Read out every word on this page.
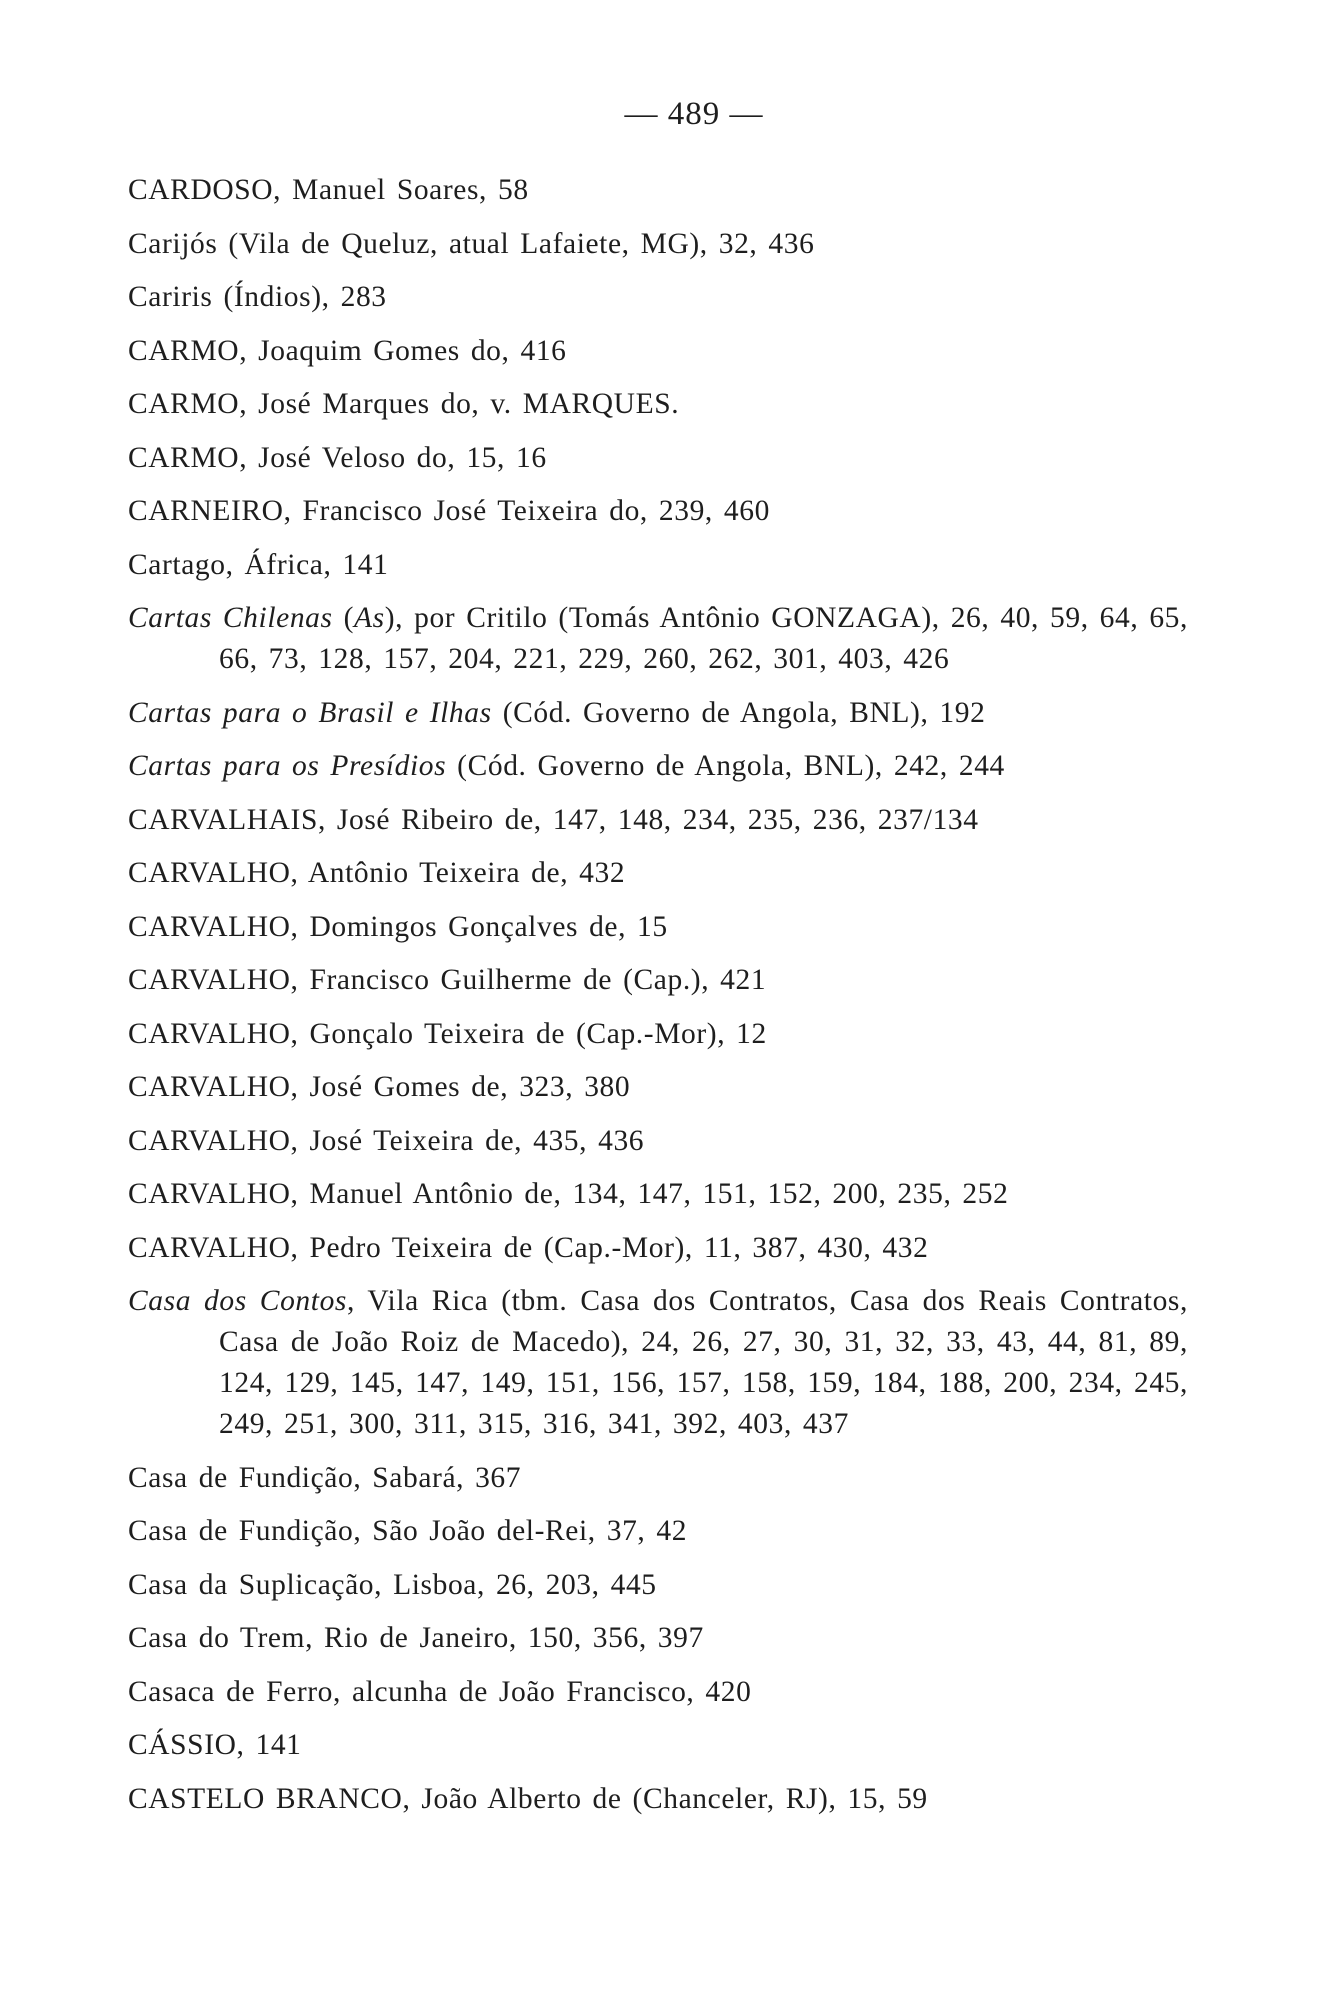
— 489 —

CARDOSO, Manuel Soares, 58

Carijós (Vila de Queluz, atual Lafaiete, MG), 32, 436

Cariris (Índios), 283

CARMO, Joaquim Gomes do, 416

CARMO, José Marques do, v. MARQUES.

CARMO, José Veloso do, 15, 16

CARNEIRO, Francisco José Teixeira do, 239, 460

Cartago, África, 141

Cartas Chilenas (As), por Critilo (Tomás Antônio GONZAGA), 26, 40, 59, 64, 65, 66, 73, 128, 157, 204, 221, 229, 260, 262, 301, 403, 426

Cartas para o Brasil e Ilhas (Cód. Governo de Angola, BNL), 192

Cartas para os Presídios (Cód. Governo de Angola, BNL), 242, 244

CARVALHAIS, José Ribeiro de, 147, 148, 234, 235, 236, 237/134

CARVALHO, Antônio Teixeira de, 432

CARVALHO, Domingos Gonçalves de, 15

CARVALHO, Francisco Guilherme de (Cap.), 421

CARVALHO, Gonçalo Teixeira de (Cap.-Mor), 12

CARVALHO, José Gomes de, 323, 380

CARVALHO, José Teixeira de, 435, 436

CARVALHO, Manuel Antônio de, 134, 147, 151, 152, 200, 235, 252

CARVALHO, Pedro Teixeira de (Cap.-Mor), 11, 387, 430, 432

Casa dos Contos, Vila Rica (tbm. Casa dos Contratos, Casa dos Reais Contratos, Casa de João Roiz de Macedo), 24, 26, 27, 30, 31, 32, 33, 43, 44, 81, 89, 124, 129, 145, 147, 149, 151, 156, 157, 158, 159, 184, 188, 200, 234, 245, 249, 251, 300, 311, 315, 316, 341, 392, 403, 437

Casa de Fundição, Sabará, 367

Casa de Fundição, São João del-Rei, 37, 42

Casa da Suplicação, Lisboa, 26, 203, 445

Casa do Trem, Rio de Janeiro, 150, 356, 397

Casaca de Ferro, alcunha de João Francisco, 420

CÁSSIO, 141

CASTELO BRANCO, João Alberto de (Chanceler, RJ), 15, 59
